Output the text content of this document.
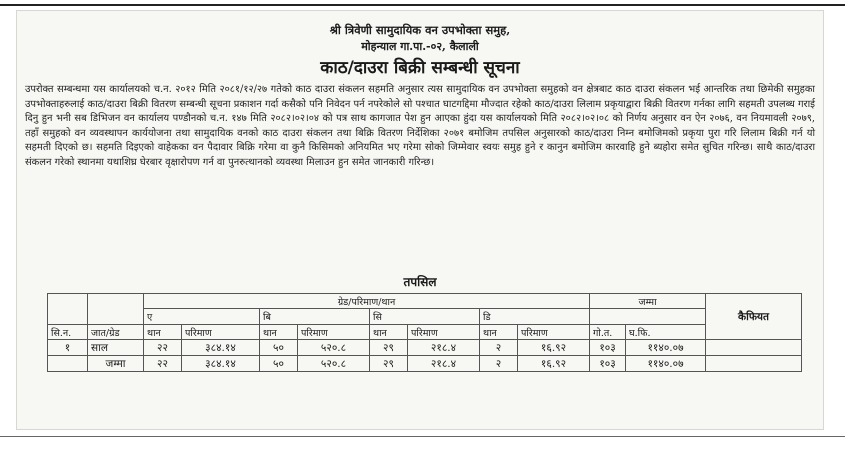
श्री त्रिवेणी सामुदायिक वन उपभोक्ता समुह,
मोहन्याल गा.पा.-०२, कैलाली
काठ/दाउरा बिक्री सम्बन्धी सूचना
उपरोक्त सम्बन्धमा यस कार्यालयको च.न. २०१२ मिति २०८१/१२/२७ गतेको काठ दाउरा संकलन सहमति अनुसार त्यस सामुदायिक वन उपभोक्ता समुहको वन क्षेत्रबाट काठ दाउरा संकलन भई आन्तरिक तथा छिमेकी समुहका उपभोक्ताहरुलाई काठ/दाउरा बिक्री वितरण सम्बन्धी सूचना प्रकाशन गर्दा कसैको पनि निवेदन पर्न नपरेकोले सो पश्चात घाटगद्दिमा मौज्दात रहेको काठ/दाउरा लिलाम प्रकृयाद्वारा बिक्री वितरण गर्नका लागि सहमती उपलब्ध गराई दिनु हुन भनी सब डिभिजन वन कार्यालय पण्डौनको च.न. १४७ मिति २०८२।०२।०४ को पत्र साथ कागजात पेश हुन आएका हुंदा यस कार्यालयको मिति २०८२।०२।०८ को निर्णय अनुसार वन ऐन २०७६, वन नियमावली २०७९, तहाँ समुहको वन व्यवस्थापन कार्ययोजना तथा सामुदायिक वनको काठ दाउरा संकलन तथा बिक्रि वितरण निर्देशिका २०७१ बमोजिम तपसिल अनुसारको काठ/दाउरा निम्न बमोजिमको प्रकृया पुरा गरि लिलाम बिक्री गर्न यो सहमती दिएको छ। सहमति दिइएको वाहेकका वन पैदावार बिक्रि गरेमा वा कुनै किसिमको अनियमित भए गरेमा सोको जिम्मेवार स्वयः समुह हुने र कानुन बमोजिम कारवाहि हुने ब्यहोरा समेत सुचित गरिन्छ। साथै काठ/दाउरा संकलन गरेको स्थानमा यथाशिघ्र घेरबार वृक्षारोपण गर्न वा पुनरुत्थानको व्यवस्था मिलाउन हुन समेत जानकारी गरिन्छ।
तपसिल
		ग्रेड/परिमाण/थान								जम्मा		कैफियत
		ए		बि		सि		डि				
सि.न.	जात/ग्रेड	थान	परिमाण	थान	परिमाण	थान	परिमाण	थान	परिमाण	गो.त.	घ.फि.	
१	साल	२२	३८४.१४	५०	५२०.८	२९	२१८.४	२	१६.९२	१०३	११४०.०७	
	जम्मा	२२	३८४.१४	५०	५२०.८	२९	२१८.४	२	१६.९२	१०३	११४०.०७	
